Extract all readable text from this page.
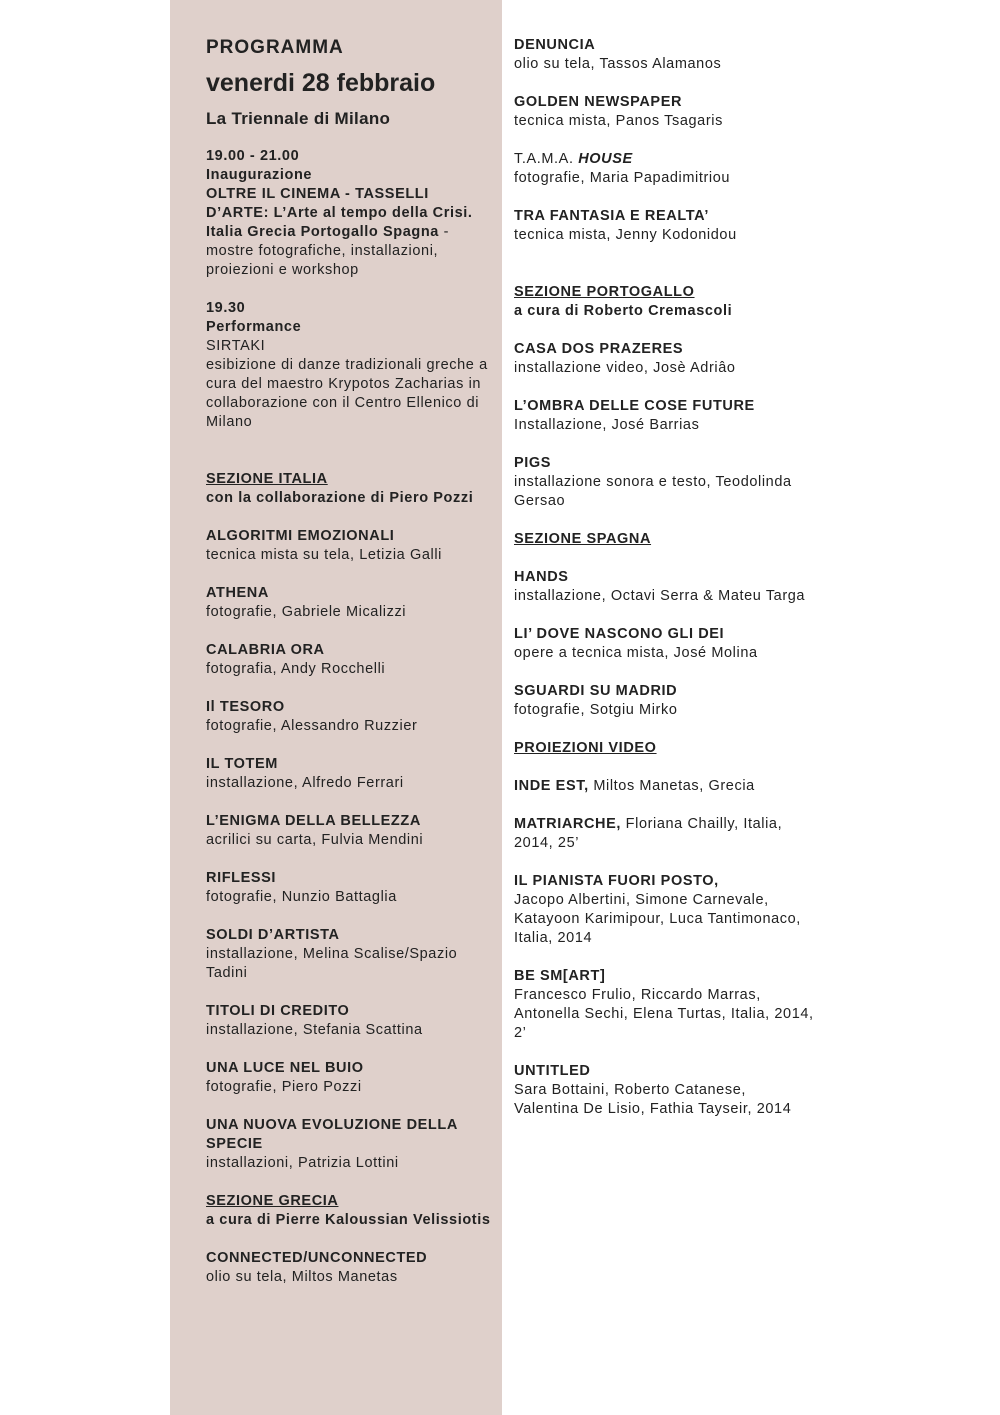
PROGRAMMA

venerdi 28 febbraio

La Triennale di Milano

19.00 - 21.00

Inaugurazione

OLTRE IL CINEMA - TASSELLI D’ARTE: L’Arte al tempo della Crisi. Italia Grecia Portogallo Spagna - mostre fotografiche, installazioni, proiezioni e workshop

19.30

Performance

SIRTAKI

esibizione di danze tradizionali greche a cura del maestro Krypotos Zacharias in collaborazione con il Centro Ellenico di Milano

SEZIONE ITALIA

con la collaborazione di Piero Pozzi

ALGORITMI EMOZIONALI

tecnica mista su tela, Letizia Galli

ATHENA

fotografie, Gabriele Micalizzi

CALABRIA ORA

fotografia, Andy Rocchelli

Il TESORO

fotografie, Alessandro Ruzzier

IL TOTEM

installazione, Alfredo Ferrari

L’ENIGMA DELLA BELLEZZA

acrilici su carta, Fulvia Mendini

RIFLESSI

fotografie, Nunzio Battaglia

SOLDI D’ARTISTA

installazione, Melina Scalise/Spazio Tadini

TITOLI DI CREDITO

installazione, Stefania Scattina

UNA LUCE NEL BUIO

fotografie, Piero Pozzi

UNA NUOVA EVOLUZIONE DELLA SPECIE

installazioni, Patrizia Lottini

SEZIONE GRECIA

a cura di Pierre Kaloussian Velissiotis

CONNECTED/UNCONNECTED

olio su tela, Miltos Manetas

DENUNCIA

olio su tela, Tassos Alamanos

GOLDEN NEWSPAPER

tecnica mista, Panos Tsagaris

T.A.M.A. HOUSE

fotografie, Maria Papadimitriou

TRA FANTASIA E REALTA’

tecnica mista, Jenny Kodonidou

SEZIONE PORTOGALLO

a cura di Roberto Cremascoli

CASA DOS PRAZERES

installazione video, Josè Adriâo

L’OMBRA DELLE COSE FUTURE

Installazione, José Barrias

PIGS

installazione sonora e testo, Teodolinda Gersao

SEZIONE SPAGNA

HANDS

installazione, Octavi Serra & Mateu Targa

LI’ DOVE NASCONO GLI DEI

opere a tecnica mista, José Molina

SGUARDI SU MADRID

fotografie, Sotgiu Mirko

PROIEZIONI VIDEO

INDE EST, Miltos Manetas, Grecia

MATRIARCHE, Floriana Chailly, Italia, 2014, 25’

IL PIANISTA FUORI POSTO,
Jacopo Albertini, Simone Carnevale, Katayoon Karimipour, Luca Tantimonaco, Italia, 2014

BE SM[ART]
Francesco Frulio, Riccardo Marras, Antonella Sechi, Elena Turtas, Italia, 2014, 2’

UNTITLED
Sara Bottaini, Roberto Catanese, Valentina De Lisio, Fathia Tayseir, 2014
